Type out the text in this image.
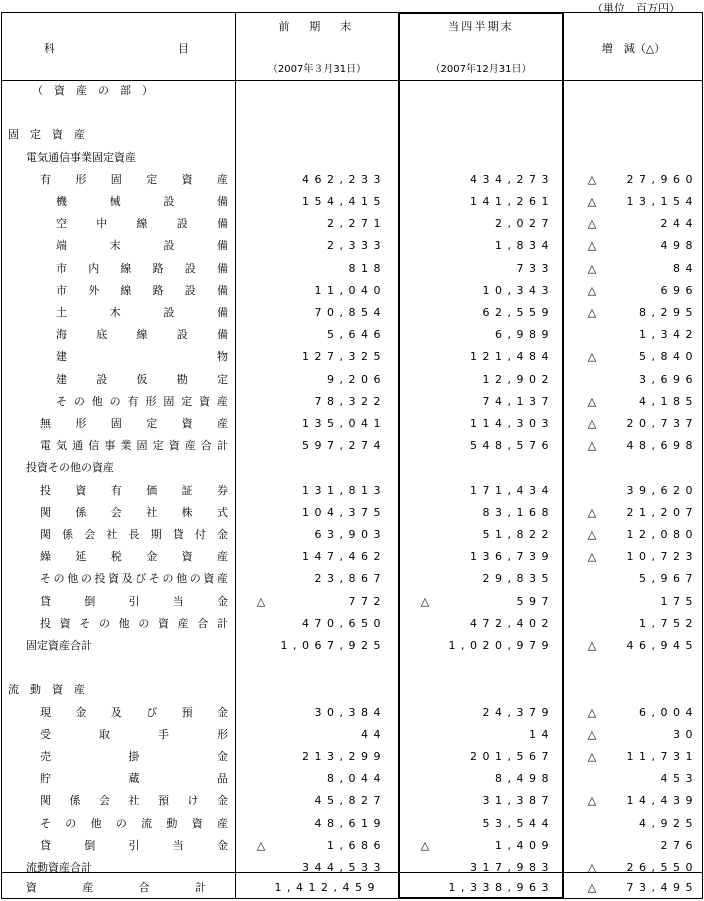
（単位　百万円）
科	目
前　期　末
（2007年３月31日）
当四半期末
（2007年12月31日）
増　減（△）
（　資　産　の　部　）
固　定　資　産
電気通信事業固定資産
有形固定資産	462,233	434,273	△	27,960
機械設備	154,415	141,261	△	13,154
空中線設備	2,271	2,027	△	244
端末設備	2,333	1,834	△	498
市内線路設備	818	733	△	84
市外線路設備	11,040	10,343	△	696
土木設備	70,854	62,559	△	8,295
海底線設備	5,646	6,989	1,342
建物	127,325	121,484	△	5,840
建設仮勘定	9,206	12,902	3,696
その他の有形固定資産	78,322	74,137	△	4,185
無形固定資産	135,041	114,303	△	20,737
電気通信事業固定資産合計	597,274	548,576	△	48,698
投資その他の資産
投資有価証券	131,813	171,434	39,620
関係会社株式	104,375	83,168	△	21,207
関係会社長期貸付金	63,903	51,822	△	12,080
繰延税金資産	147,462	136,739	△	10,723
その他の投資及びその他の資産	23,867	29,835	5,967
貸倒引当金	△	772	△	597	175
投資その他の資産合計	470,650	472,402	1,752
固定資産合計	1,067,925	1,020,979	△	46,945
流　動　資　産
現金及び預金	30,384	24,379	△	6,004
受取手形	44	14	△	30
売掛金	213,299	201,567	△	11,731
貯蔵品	8,044	8,498	453
関係会社預け金	45,827	31,387	△	14,439
その他の流動資産	48,619	53,544	4,925
貸倒引当金	△	1,686	△	1,409	276
流動資産合計	344,533	317,983	△	26,550
資産合計	1,412,459	1,338,963	△	73,495
